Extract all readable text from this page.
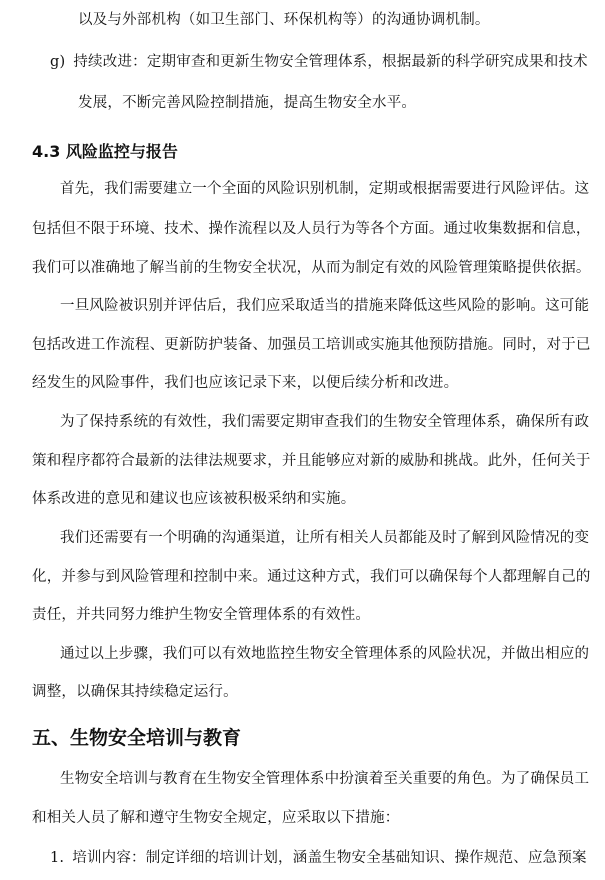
以及与外部机构（如卫生部门、环保机构等）的沟通协调机制。
g) 持续改进：定期审查和更新生物安全管理体系，根据最新的科学研究成果和技术
发展，不断完善风险控制措施，提高生物安全水平。
4.3 风险监控与报告
首先，我们需要建立一个全面的风险识别机制，定期或根据需要进行风险评估。这
包括但不限于环境、技术、操作流程以及人员行为等各个方面。通过收集数据和信息，
我们可以准确地了解当前的生物安全状况，从而为制定有效的风险管理策略提供依据。
一旦风险被识别并评估后，我们应采取适当的措施来降低这些风险的影响。这可能
包括改进工作流程、更新防护装备、加强员工培训或实施其他预防措施。同时，对于已
经发生的风险事件，我们也应该记录下来，以便后续分析和改进。
为了保持系统的有效性，我们需要定期审查我们的生物安全管理体系，确保所有政
策和程序都符合最新的法律法规要求，并且能够应对新的威胁和挑战。此外，任何关于
体系改进的意见和建议也应该被积极采纳和实施。
我们还需要有一个明确的沟通渠道，让所有相关人员都能及时了解到风险情况的变
化，并参与到风险管理和控制中来。通过这种方式，我们可以确保每个人都理解自己的
责任，并共同努力维护生物安全管理体系的有效性。
通过以上步骤，我们可以有效地监控生物安全管理体系的风险状况，并做出相应的
调整，以确保其持续稳定运行。
五、生物安全培训与教育
生物安全培训与教育在生物安全管理体系中扮演着至关重要的角色。为了确保员工
和相关人员了解和遵守生物安全规定，应采取以下措施：
1. 培训内容：制定详细的培训计划，涵盖生物安全基础知识、操作规范、应急预案
